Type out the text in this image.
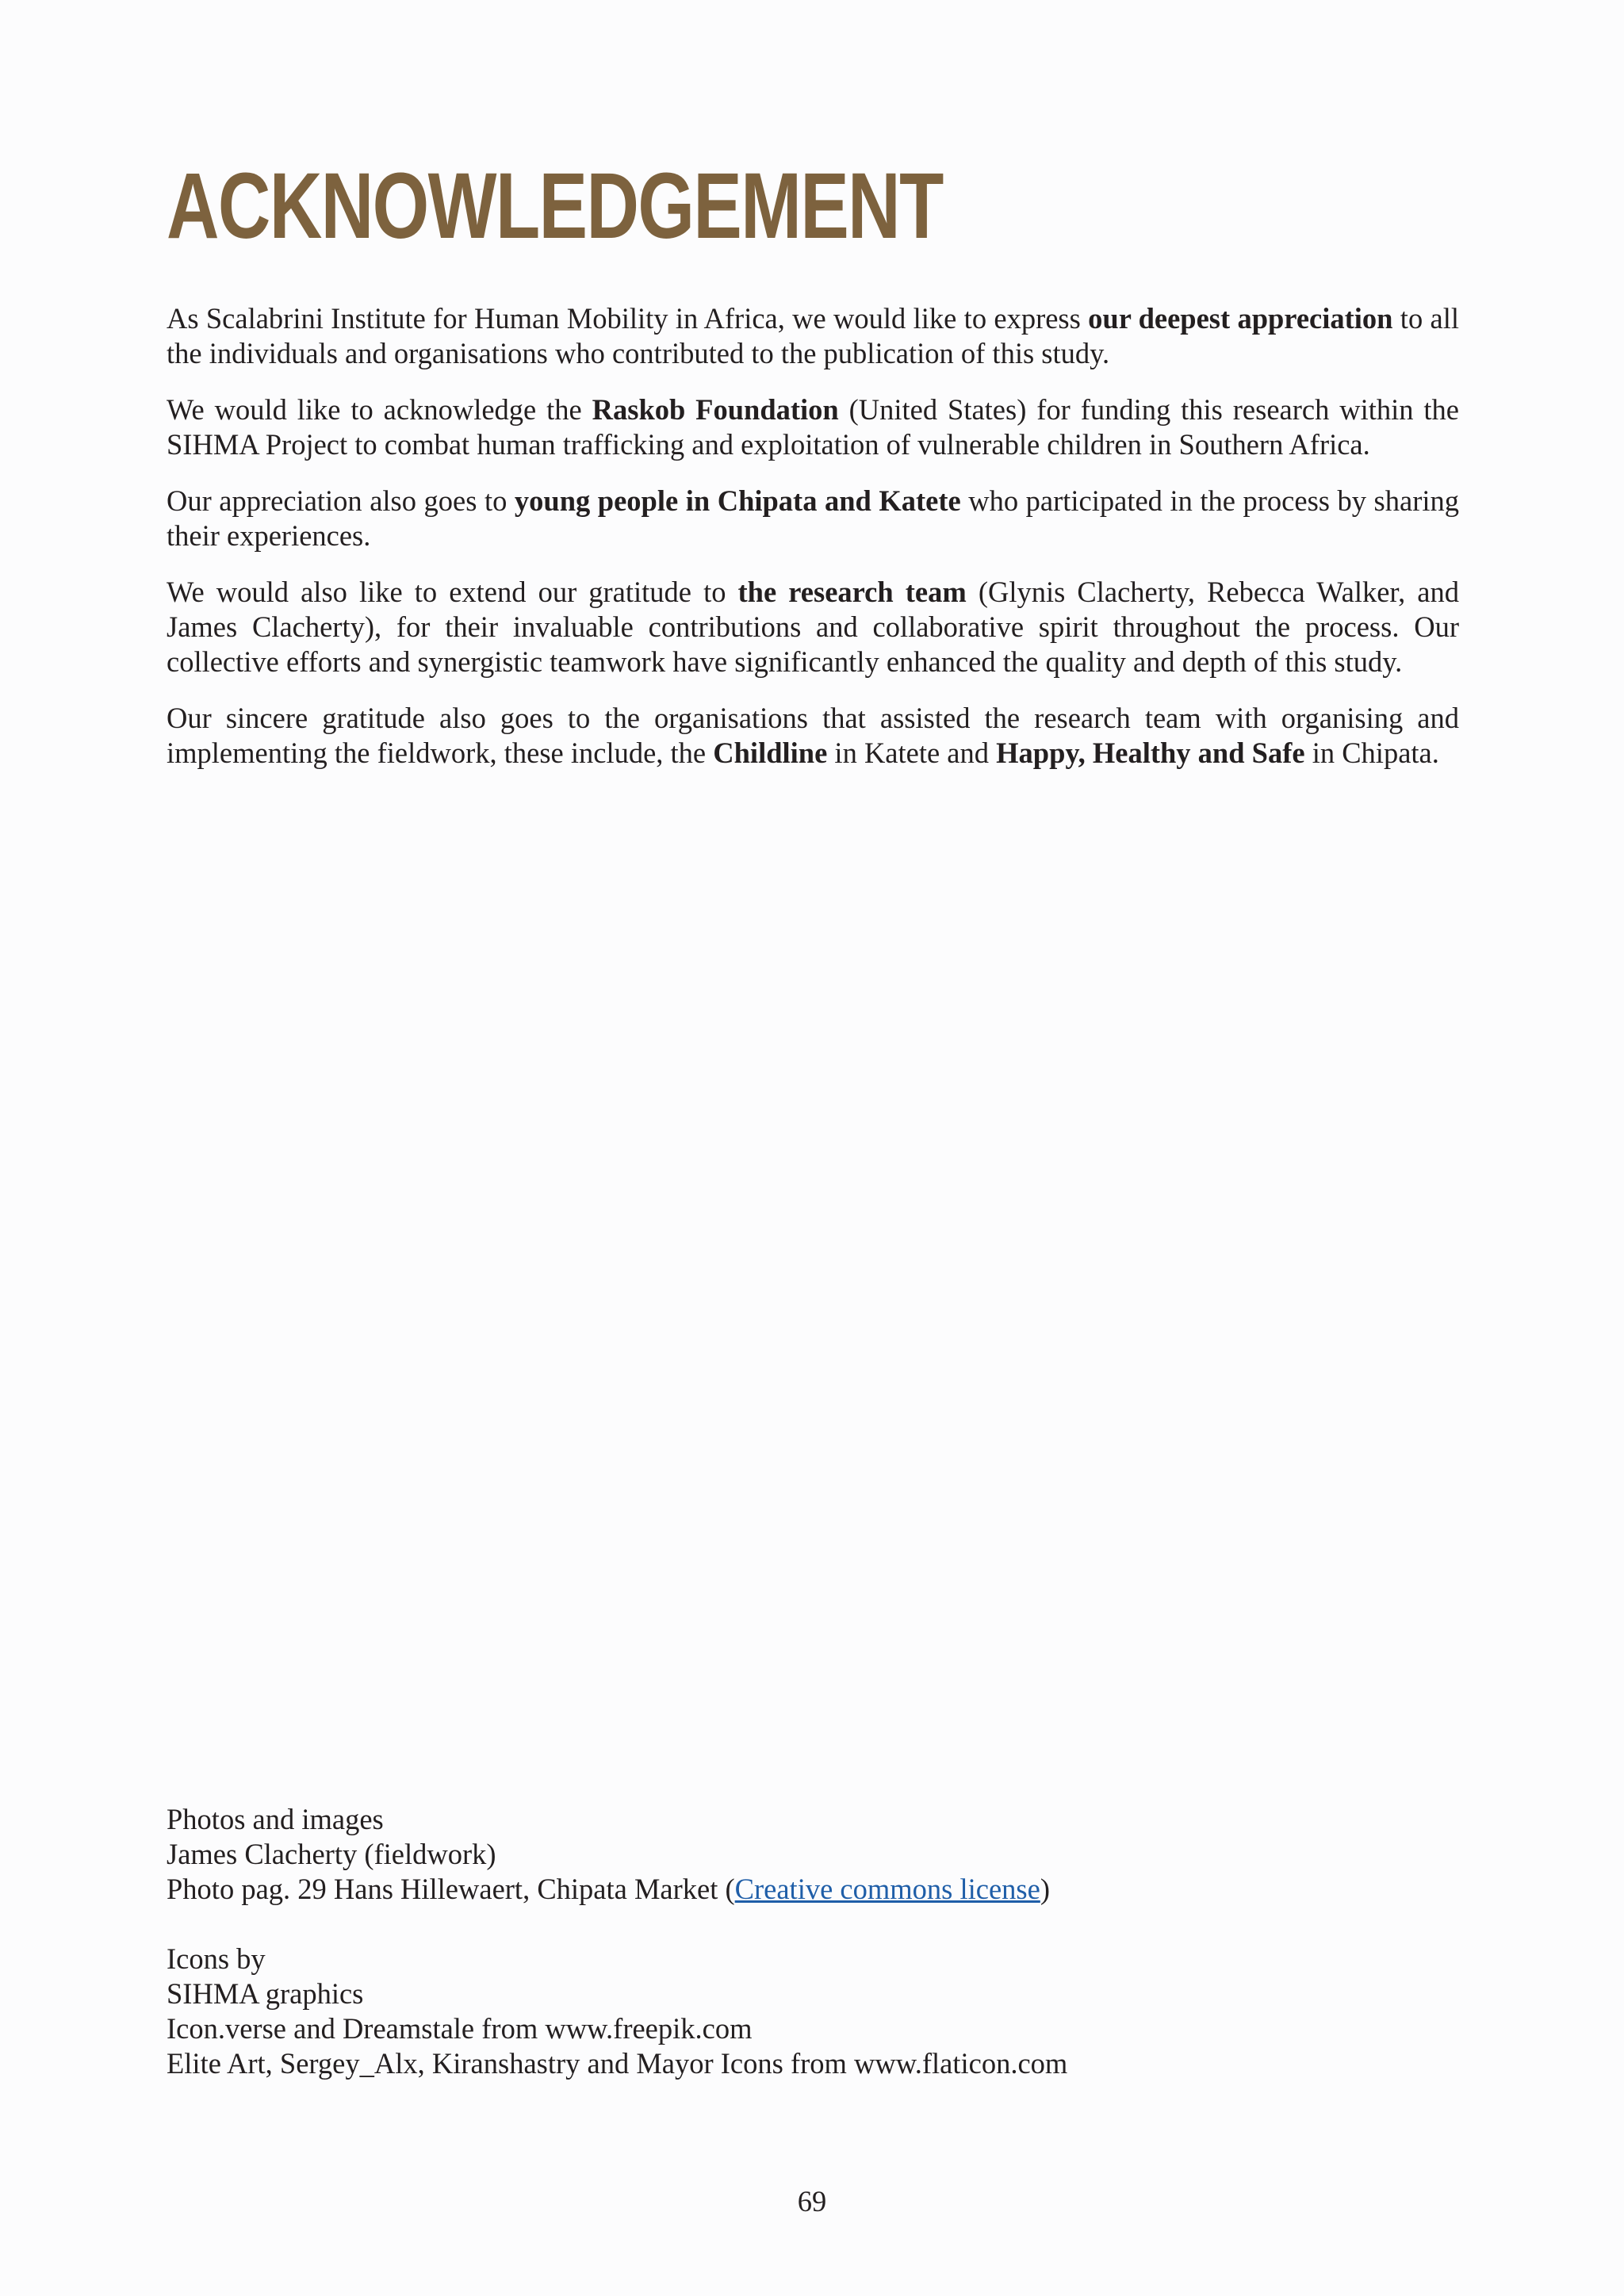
ACKNOWLEDGEMENT

As Scalabrini Institute for Human Mobility in Africa, we would like to express our deepest appreciation to all the individuals and organisations who contributed to the publication of this study.

We would like to acknowledge the Raskob Foundation (United States) for funding this research within the SIHMA Project to combat human trafficking and exploitation of vulnerable children in Southern Africa.

Our appreciation also goes to young people in Chipata and Katete who participated in the process by sharing their experiences.

We would also like to extend our gratitude to the research team (Glynis Clacherty, Rebecca Walker, and James Clacherty), for their invaluable contributions and collaborative spirit throughout the process. Our collective efforts and synergistic teamwork have significantly enhanced the quality and depth of this study.

Our sincere gratitude also goes to the organisations that assisted the research team with organising and implementing the fieldwork, these include, the Childline in Katete and Happy, Healthy and Safe in Chipata.

Photos and images
James Clacherty (fieldwork)
Photo pag. 29 Hans Hillewaert, Chipata Market (Creative commons license)
Icons by
SIHMA graphics
Icon.verse and Dreamstale from www.freepik.com
Elite Art, Sergey_Alx, Kiranshastry and Mayor Icons from www.flaticon.com
69
